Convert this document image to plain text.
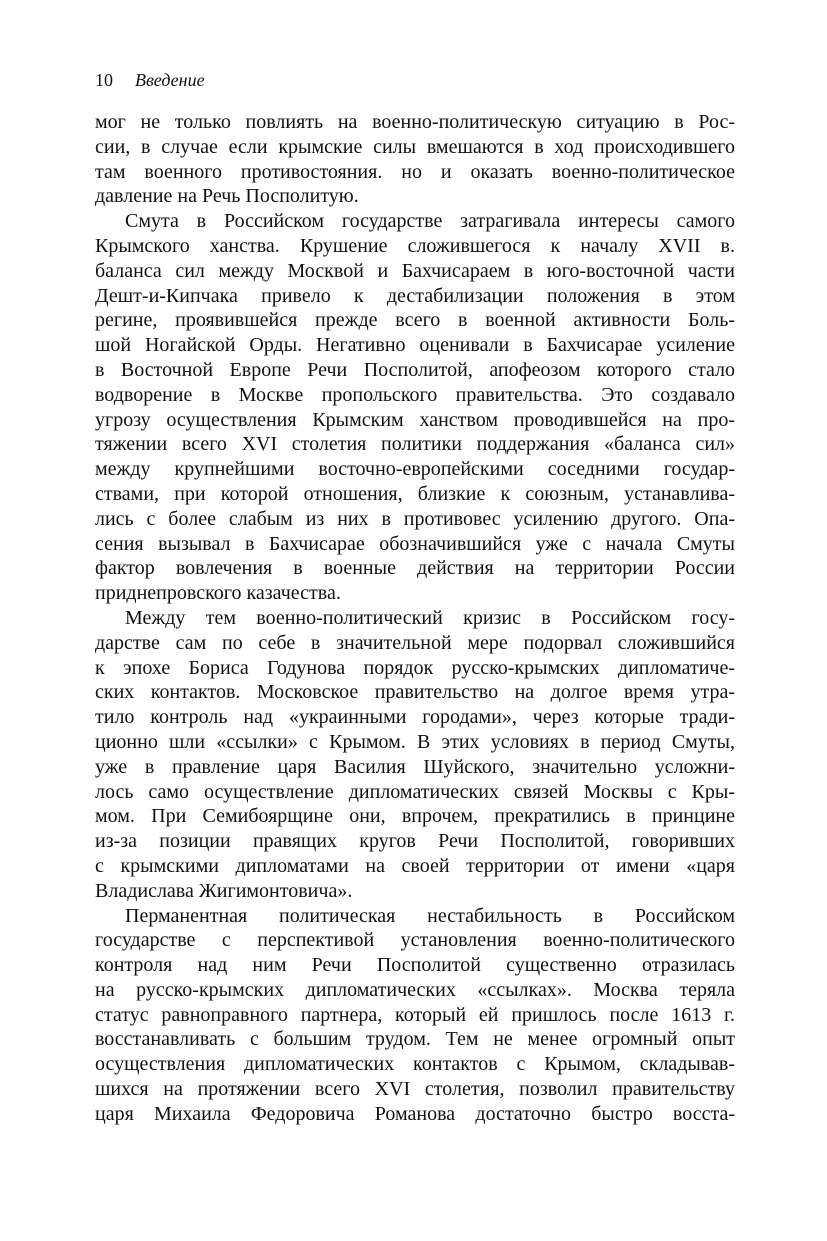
10 Введение
мог не только повлиять на военно-политическую ситуацию в Рос-
сии, в случае если крымские силы вмешаются в ход происходившего
там военного противостояния. но и оказать военно-политическое
давление на Речь Посполитую.
Смута в Российском государстве затрагивала интересы самого
Крымского ханства. Крушение сложившегося к началу XVII в.
баланса сил между Москвой и Бахчисараем в юго-восточной части
Дешт-и-Кипчака привело к дестабилизации положения в этом
регине, проявившейся прежде всего в военной активности Боль-
шой Ногайской Орды. Негативно оценивали в Бахчисарае усиление
в Восточной Европе Речи Посполитой, апофеозом которого стало
водворение в Москве пропольского правительства. Это создавало
угрозу осуществления Крымским ханством проводившейся на про-
тяжении всего XVI столетия политики поддержания «баланса сил»
между крупнейшими восточно-европейскими соседними государ-
ствами, при которой отношения, близкие к союзным, устанавлива-
лись с более слабым из них в противовес усилению другого. Опа-
сения вызывал в Бахчисарае обозначившийся уже с начала Смуты
фактор вовлечения в военные действия на территории России
приднепровского казачества.
Между тем военно-политический кризис в Российском госу-
дарстве сам по себе в значительной мере подорвал сложившийся
к эпохе Бориса Годунова порядок русско-крымских дипломатиче-
ских контактов. Московское правительство на долгое время утра-
тило контроль над «украинными городами», через которые тради-
ционно шли «ссылки» с Крымом. В этих условиях в период Смуты,
уже в правление царя Василия Шуйского, значительно усложни-
лось само осуществление дипломатических связей Москвы с Кры-
мом. При Семибоярщине они, впрочем, прекратились в принцине
из-за позиции правящих кругов Речи Посполитой, говоривших
с крымскими дипломатами на своей территории от имени «царя
Владислава Жигимонтовича».
Перманентная политическая нестабильность в Российском
государстве с перспективой установления военно-политического
контроля над ним Речи Посполитой существенно отразилась
на русско-крымских дипломатических «ссылках». Москва теряла
статус равноправного партнера, который ей пришлось после 1613 г.
восстанавливать с большим трудом. Тем не менее огромный опыт
осуществления дипломатических контактов с Крымом, складывав-
шихся на протяжении всего XVI столетия, позволил правительству
царя Михаила Федоровича Романова достаточно быстро восста-
